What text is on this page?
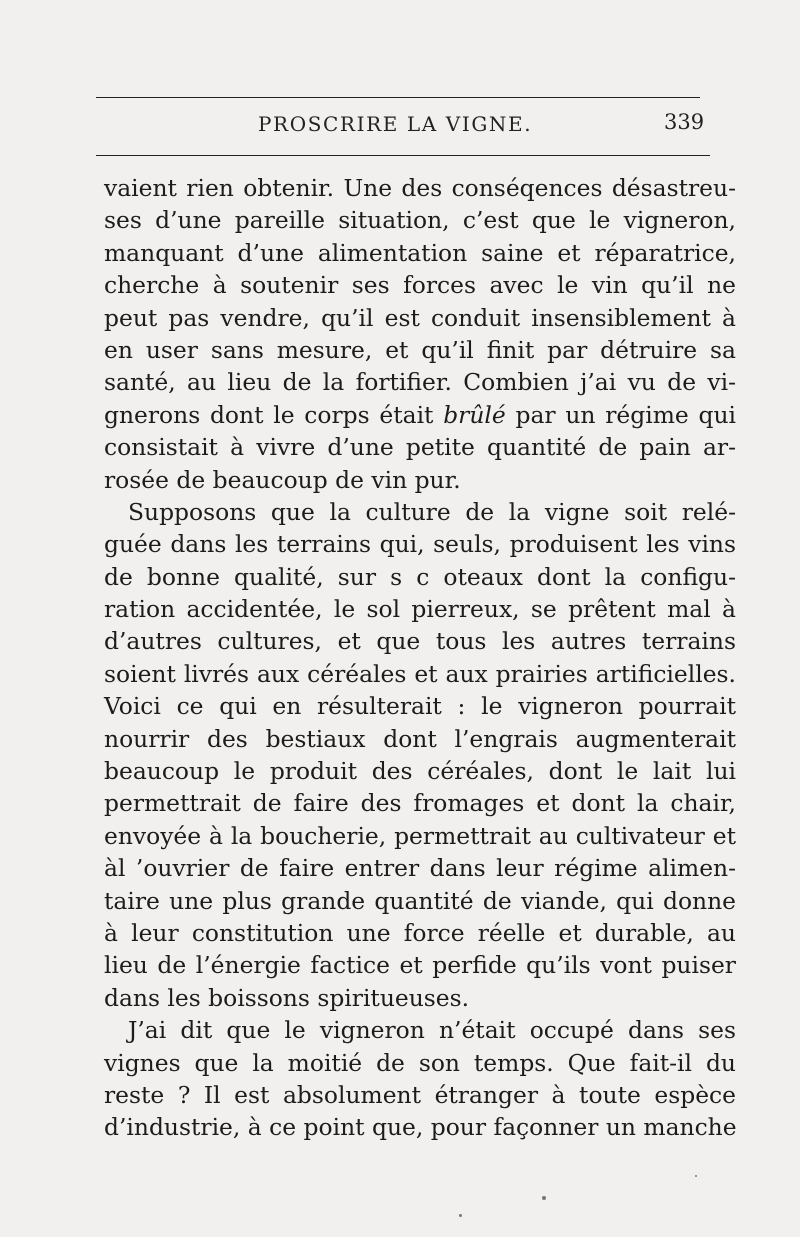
PROSCRIRE LA VIGNE.	339
vaient rien obtenir. Une des conséqences désastreu-
ses d’une pareille situation, c’est que le vigneron,
manquant d’une alimentation saine et réparatrice,
cherche à soutenir ses forces avec le vin qu’il ne
peut pas vendre, qu’il est conduit insensiblement à
en user sans mesure, et qu’il finit par détruire sa
santé, au lieu de la fortifier. Combien j’ai vu de vi-
gnerons dont le corps était brûlé par un régime qui
consistait à vivre d’une petite quantité de pain ar-
rosée de beaucoup de vin pur.
Supposons que la culture de la vigne soit relé-
guée dans les terrains qui, seuls, produisent les vins
de bonne qualité, sur s c oteaux dont la configu-
ration accidentée, le sol pierreux, se prêtent mal à
d’autres cultures, et que tous les autres terrains
soient livrés aux céréales et aux prairies artificielles.
Voici ce qui en résulterait : le vigneron pourrait
nourrir des bestiaux dont l’engrais augmenterait
beaucoup le produit des céréales, dont le lait lui
permettrait de faire des fromages et dont la chair,
envoyée à la boucherie, permettrait au cultivateur et
àl ’ouvrier de faire entrer dans leur régime alimen-
taire une plus grande quantité de viande, qui donne
à leur constitution une force réelle et durable, au
lieu de l’énergie factice et perfide qu’ils vont puiser
dans les boissons spiritueuses.
J’ai dit que le vigneron n’était occupé dans ses
vignes que la moitié de son temps. Que fait-il du
reste ? Il est absolument étranger à toute espèce
d’industrie, à ce point que, pour façonner un manche
